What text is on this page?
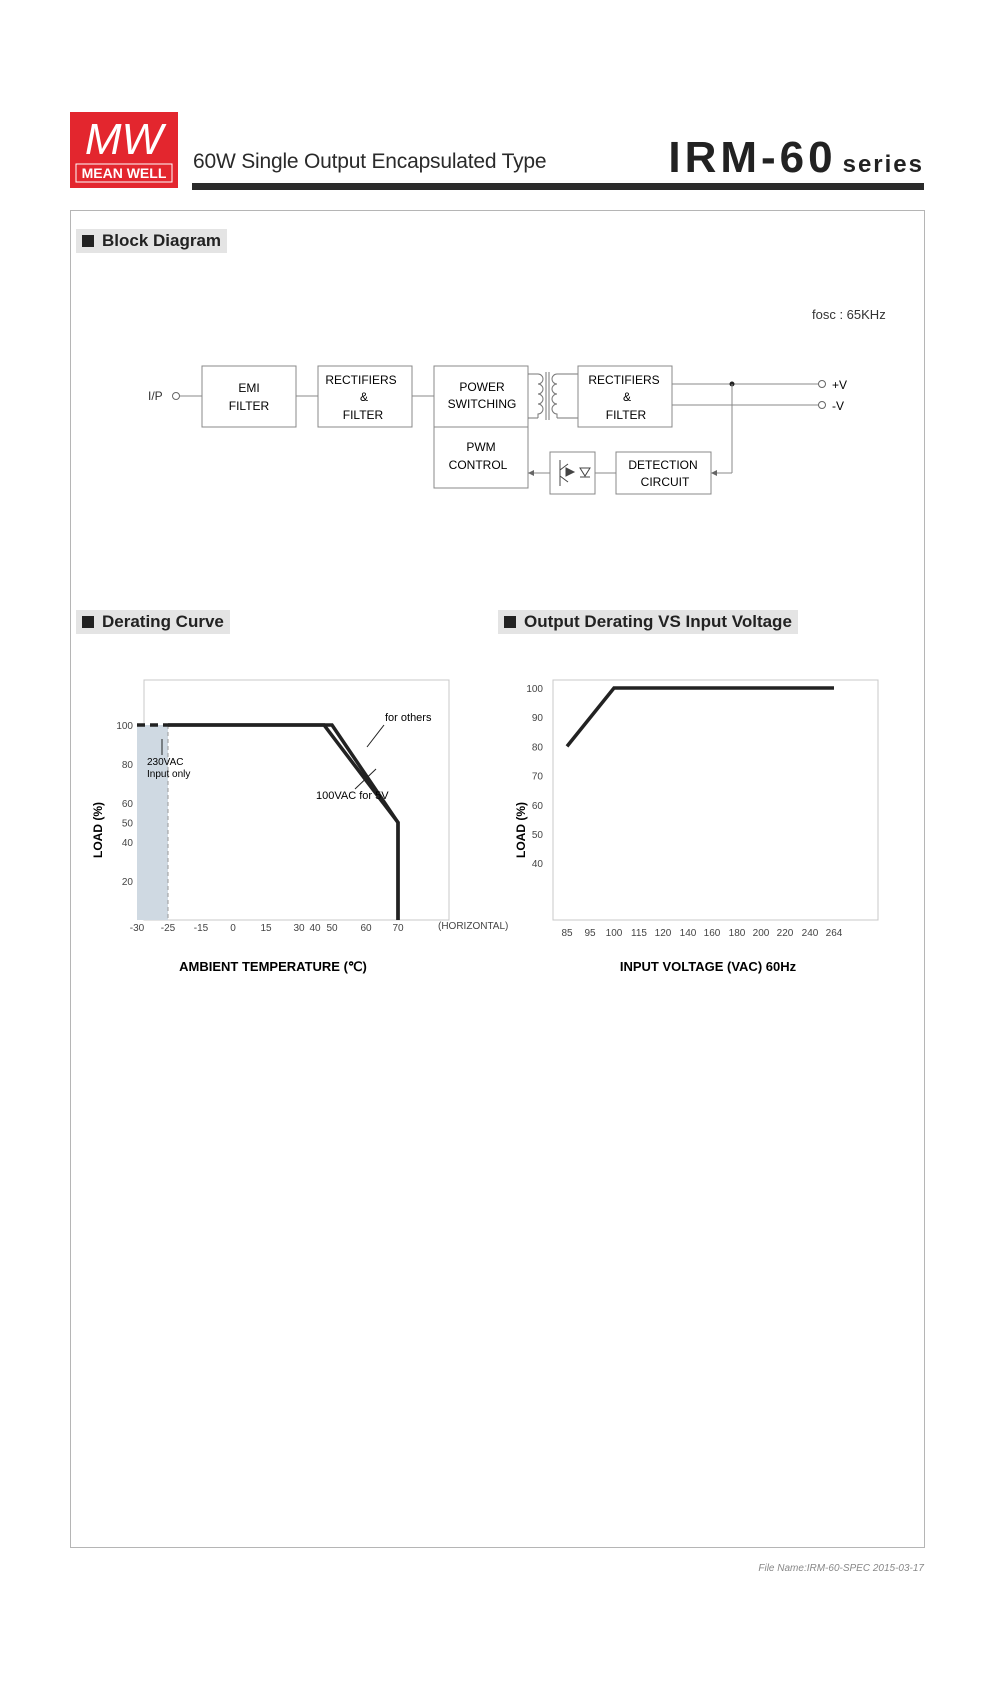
MW
MEAN WELL 60W Single Output Encapsulated Type	IRM-60 series
Block Diagram
fosc : 65KHz
I/P
EMI
FILTER
RECTIFIERS
&
FILTER
POWER
SWITCHING
RECTIFIERS
&
FILTER
+V
-V
PWM
CONTROL	DETECTION
CIRCUIT
Derating Curve	Output Derating VS Input Voltage
-30 -25 -15 0 15 30 40 50 60 70
100
80
60
50
40
20
for others
100VAC for 5V
230VAC
Input only
(HORIZONTAL)
LOAD (%)
AMBIENT TEMPERATURE (℃)
85 95 100 115 120 140 160 180 200 220 240 264
100
90
80
70
60
50
40
LOAD (%)
INPUT VOLTAGE (VAC) 60Hz
File Name:IRM-60-SPEC 2015-03-17
